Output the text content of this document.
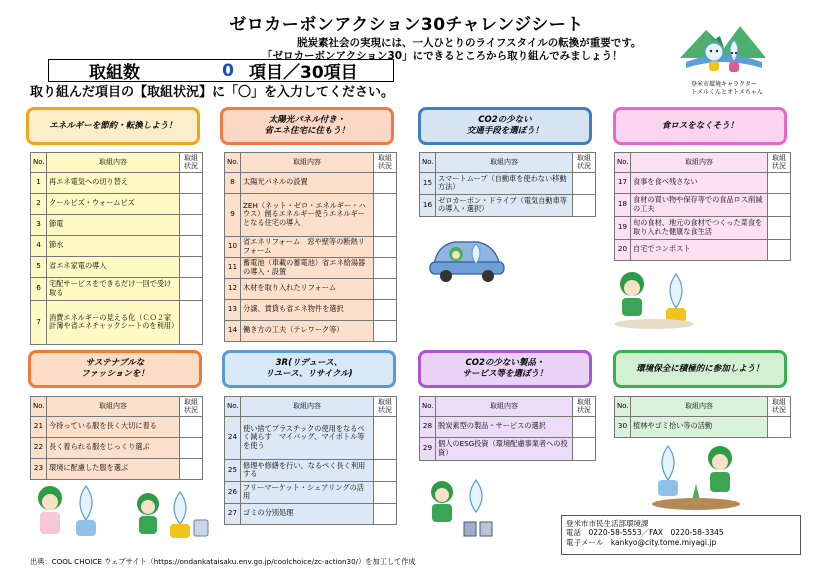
ゼロカーボンアクション30チャレンジシート
脱炭素社会の実現には、一人ひとりのライフスタイルの転換が重要です。
「ゼロカーボンアクション30」にできるところから取り組んでみましょう！
取組数	0 項目／30項目
取り組んだ項目の【取組状況】に「〇」を入力してください。
登米市環境キャラクター
トメルくんとオトメちゃん
エネルギーを節約・転換しよう！
太陽光パネル付き・
省エネ住宅に住もう！
CO2の少ない
交通手段を選ぼう！
食ロスをなくそう！
No.	取組内容	取組状況
1	再エネ電気への切り替え	
2	クールビズ・ウォームビズ	
3	節電	
4	節水	
5	省エネ家電の導入	
6	宅配サービスをできるだけ一回で受け取る	
7	消費エネルギーの見える化（ＣＯ２家計簿や省エネチャックシートのを利用）	
No.	取組内容	取組状況
8	太陽光パネルの設置	
9	ZEH（ネット・ゼロ・エネルギー・ハウス）創るエネルギー使うエネルギーとなる住宅の導入	
10	省エネリフォーム　窓や壁等の断熱リフォーム	
11	蓄電池（車載の蓄電池）省エネ給湯器の導入・設置	
12	木材を取り入れたリフォーム	
13	分譲、賃貸も省エネ物件を選択	
14	働き方の工夫（テレワーク等）	
No.	取組内容	取組状況
15	スマートムーブ（自動車を使わない移動方法）	
16	ゼロカーボン・ドライブ（電気自動車等の導入・選択）	
No.	取組内容	取組状況
17	食事を食べ残さない	
18	食材の買い物や保存等での食品ロス削減の工夫	
19	旬の食材、地元の食材でつくった菜食を取り入れた健康な食生活	
20	自宅でコンポスト	
サステナブルな
ファッションを！
3R(リデュース、
リユース、リサイクル)
CO2の少ない製品・
サービス等を選ぼう！
環境保全に積極的に参加しよう！
No.	取組内容	取組状況
21	今持っている服を長く大切に着る	
22	長く着られる服をじっくり選ぶ	
23	環境に配慮した服を選ぶ	
No.	取組内容	取組状況
24	使い捨てプラスチックの使用をなるべく減らす　マイバッグ、マイボトル等を使う	
25	修理や修繕を行い、なるべく長く利用する	
26	フリーマーケット・シェアリングの活用	
27	ゴミの分別処理	
No.	取組内容	取組状況
28	脱炭素型の製品・サービスの選択	
29	個人のESG投資（環境配慮事業者への投資）	
No.	取組内容	取組状況
30	植林やゴミ拾い等の活動	
登米市市民生活部環境課
電話　0220-58-5553／FAX　0220-58-3345
電子メール　kankyo@city.tome.miyagi.jp
出典：COOL CHOICE ウェブサイト（https://ondankataisaku.env.go.jp/coolchoice/zc-action30/）を加工して作成
